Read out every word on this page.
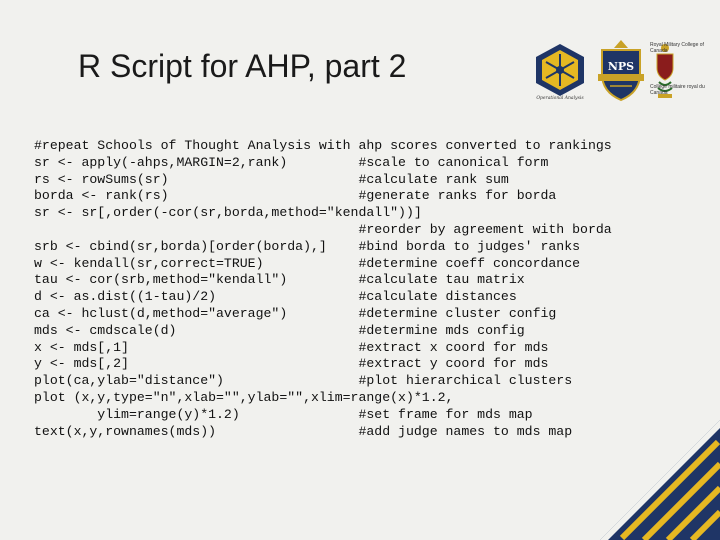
R Script for AHP, part 2
Operational Analysis
NPS
Royal Military College of Canada
Collège militaire royal du Canada
#repeat Schools of Thought Analysis with ahp scores converted to rankings
sr <- apply(-ahps,MARGIN=2,rank)         #scale to canonical form
rs <- rowSums(sr)                        #calculate rank sum
borda <- rank(rs)                        #generate ranks for borda
sr <- sr[,order(-cor(sr,borda,method="kendall"))]
#reorder by agreement with borda
srb <- cbind(sr,borda)[order(borda),]    #bind borda to judges' ranks
w <- kendall(sr,correct=TRUE)            #determine coeff concordance
tau <- cor(srb,method="kendall")         #calculate tau matrix
d <- as.dist((1-tau)/2)                  #calculate distances
ca <- hclust(d,method="average")         #determine cluster config
mds <- cmdscale(d)                       #determine mds config
x <- mds[,1]                             #extract x coord for mds
y <- mds[,2]                             #extract y coord for mds
plot(ca,ylab="distance")                 #plot hierarchical clusters
plot (x,y,type="n",xlab="",ylab="",xlim=range(x)*1.2,
ylim=range(y)*1.2)               #set frame for mds map
text(x,y,rownames(mds))                  #add judge names to mds map
